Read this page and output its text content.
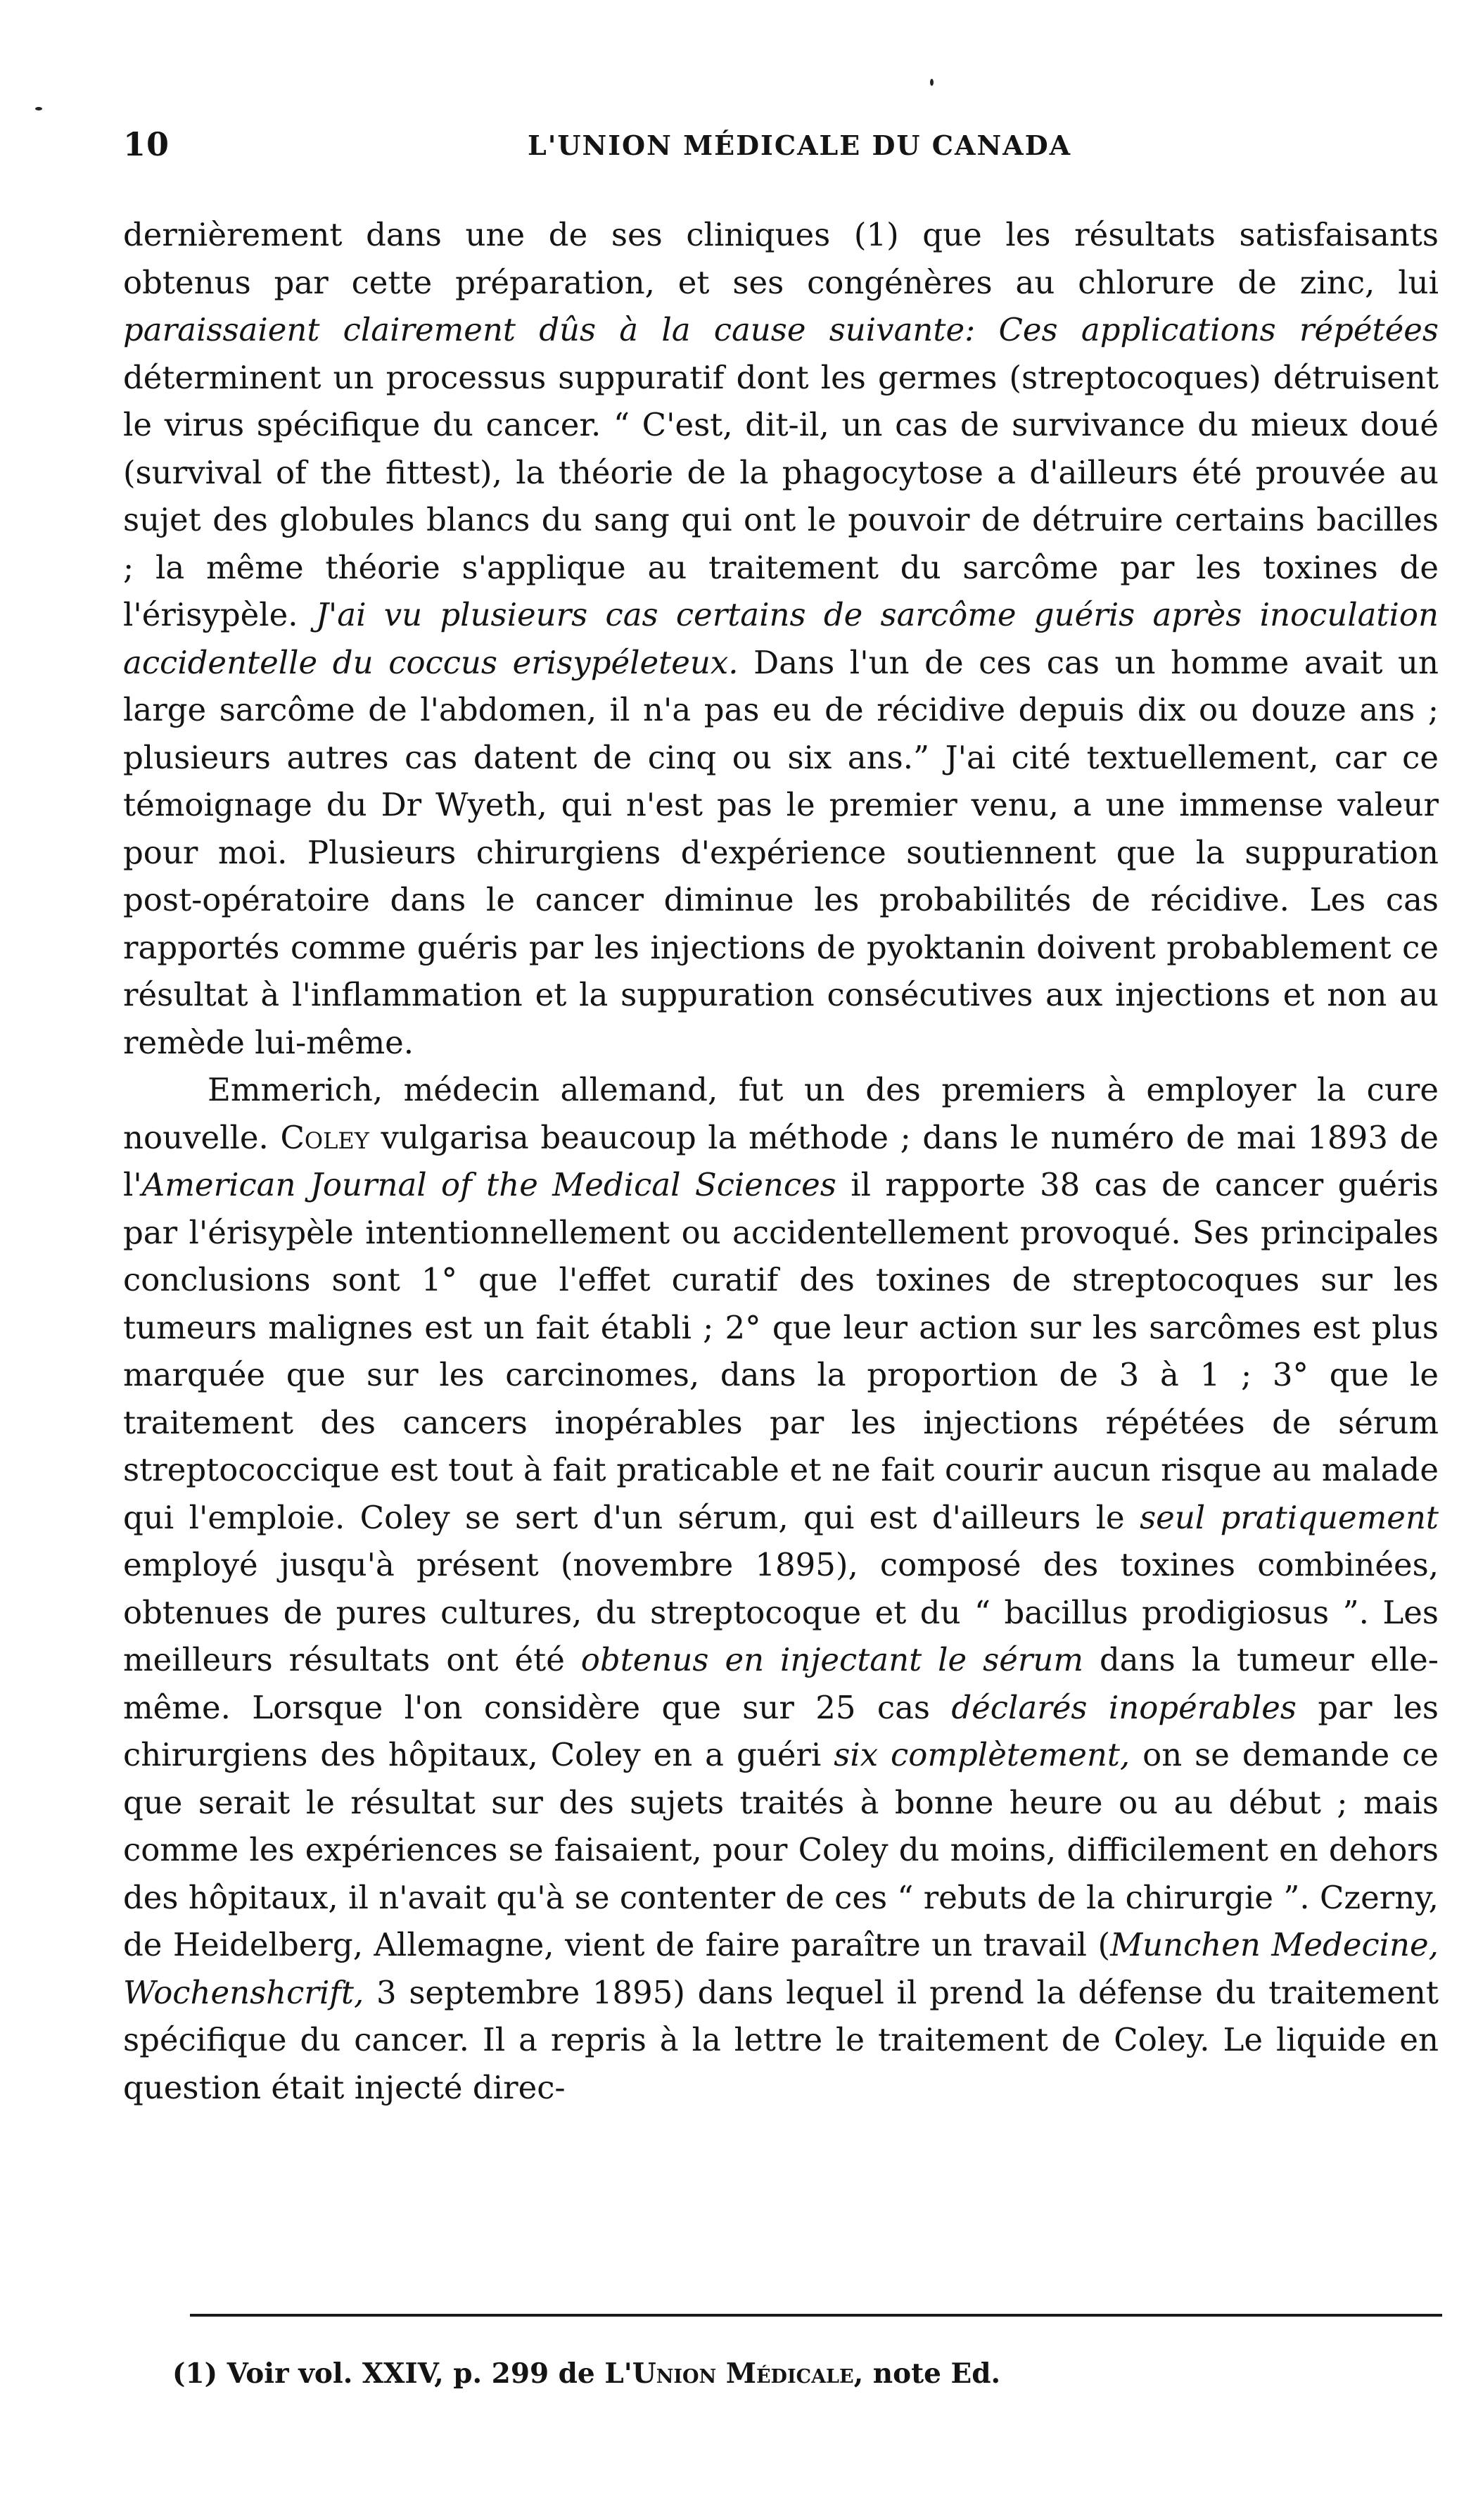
10	L'UNION MÉDICALE DU CANADA

dernièrement dans une de ses cliniques (1) que les résultats satisfaisants obtenus par cette préparation, et ses congénères au chlorure de zinc, lui paraissaient clairement dûs à la cause suivante: Ces applications répétées déterminent un processus suppuratif dont les germes (streptocoques) détruisent le virus spécifique du cancer. “ C'est, dit-il, un cas de survivance du mieux doué (survival of the fittest), la théorie de la phagocytose a d'ailleurs été prouvée au sujet des globules blancs du sang qui ont le pouvoir de détruire certains bacilles ; la même théorie s'applique au traitement du sarcôme par les toxines de l'érisypèle. J'ai vu plusieurs cas certains de sarcôme guéris après inoculation accidentelle du coccus erisypéleteux. Dans l'un de ces cas un homme avait un large sarcôme de l'abdomen, il n'a pas eu de récidive depuis dix ou douze ans ; plusieurs autres cas datent de cinq ou six ans.” J'ai cité textuellement, car ce témoignage du Dr Wyeth, qui n'est pas le premier venu, a une immense valeur pour moi. Plusieurs chirurgiens d'expérience soutiennent que la suppuration post-opératoire dans le cancer diminue les probabilités de récidive. Les cas rapportés comme guéris par les injections de pyoktanin doivent probablement ce résultat à l'inflammation et la suppuration consécutives aux injections et non au remède lui-même.

Emmerich, médecin allemand, fut un des premiers à employer la cure nouvelle. Coley vulgarisa beaucoup la méthode ; dans le numéro de mai 1893 de l'American Journal of the Medical Sciences il rapporte 38 cas de cancer guéris par l'érisypèle intentionnellement ou accidentellement provoqué. Ses principales conclusions sont 1° que l'effet curatif des toxines de streptocoques sur les tumeurs malignes est un fait établi ; 2° que leur action sur les sarcômes est plus marquée que sur les carcinomes, dans la proportion de 3 à 1 ; 3° que le traitement des cancers inopérables par les injections répétées de sérum streptococcique est tout à fait praticable et ne fait courir aucun risque au malade qui l'emploie. Coley se sert d'un sérum, qui est d'ailleurs le seul pratiquement employé jusqu'à présent (novembre 1895), composé des toxines combinées, obtenues de pures cultures, du streptocoque et du “ bacillus prodigiosus ”. Les meilleurs résultats ont été obtenus en injectant le sérum dans la tumeur elle-même. Lorsque l'on considère que sur 25 cas déclarés inopérables par les chirurgiens des hôpitaux, Coley en a guéri six complètement, on se demande ce que serait le résultat sur des sujets traités à bonne heure ou au début ; mais comme les expériences se faisaient, pour Coley du moins, difficilement en dehors des hôpitaux, il n'avait qu'à se contenter de ces “ rebuts de la chirurgie ”. Czerny, de Heidelberg, Allemagne, vient de faire paraître un travail (Munchen Medecine, Wochenshcrift, 3 septembre 1895) dans lequel il prend la défense du traitement spécifique du cancer. Il a repris à la lettre le traitement de Coley. Le liquide en question était injecté direc-

(1) Voir vol. XXIV, p. 299 de L'Union Médicale, note Ed.
